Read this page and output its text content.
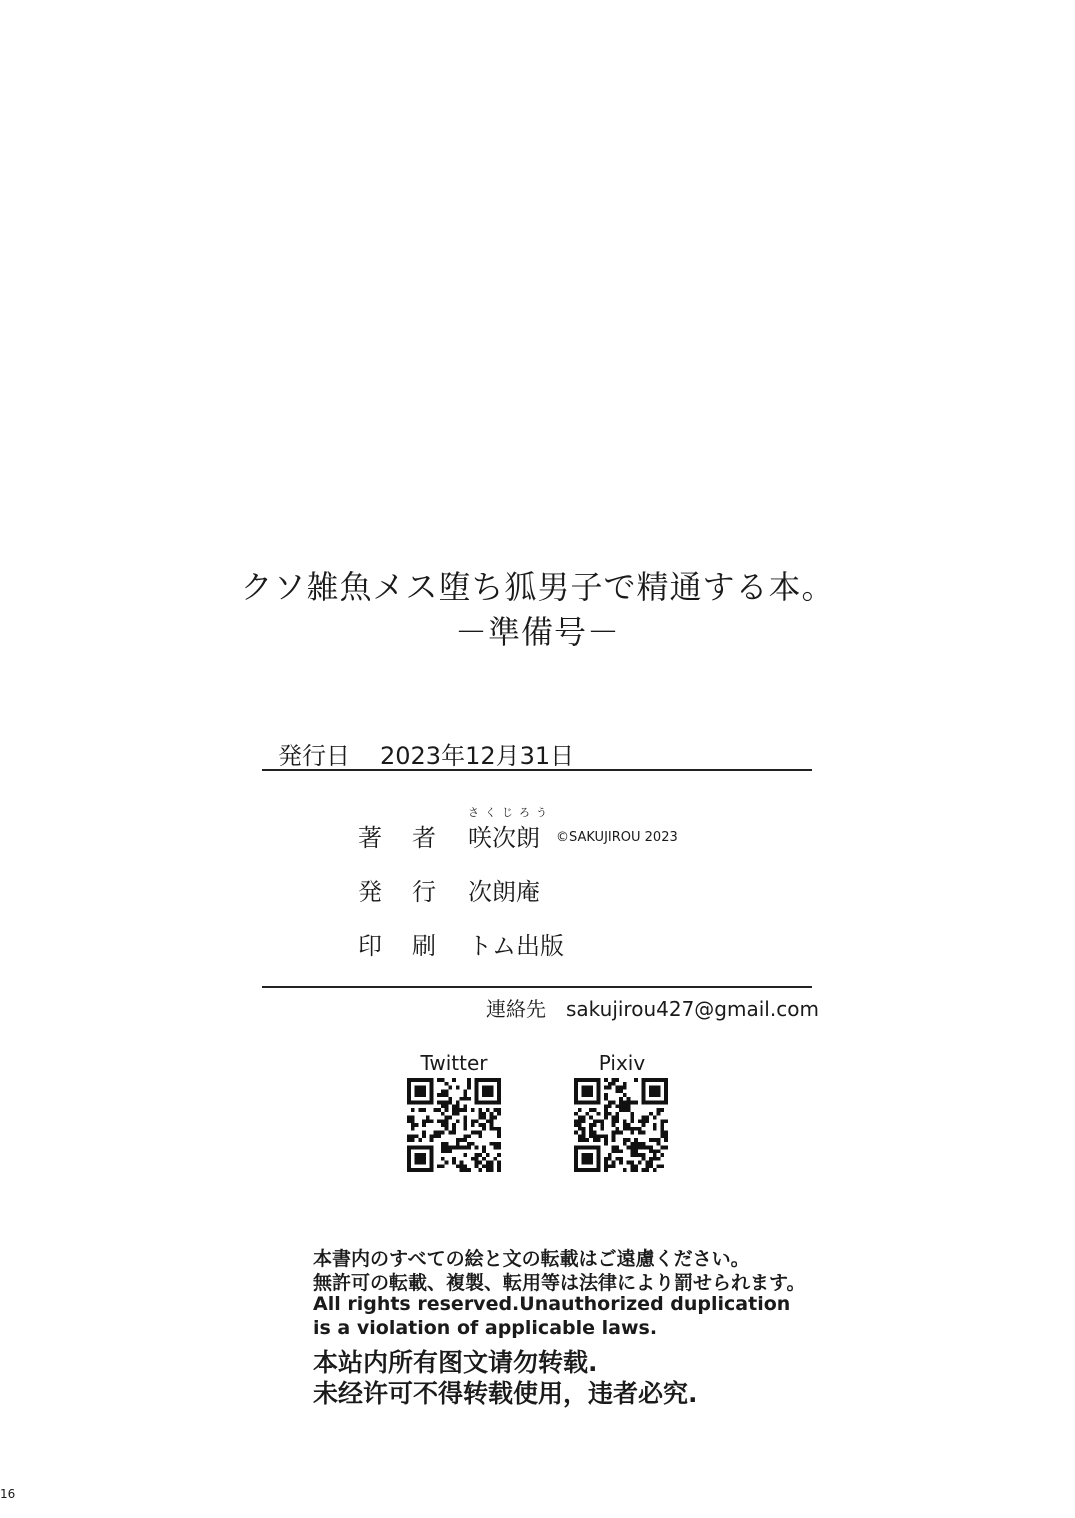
クソ雑魚メス堕ち狐男子で精通する本。
－準備号－
発行日 2023年12月31日
さくじろう
著 者	咲次朗 ©SAKUJIROU 2023
発 行	次朗庵
印 刷	トム出版
連絡先 sakujirou427@gmail.com
Twitter	Pixiv
本書内のすべての絵と文の転載はご遠慮ください。
無許可の転載、複製、転用等は法律により罰せられます。
All rights reserved.Unauthorized duplication
is a violation of applicable laws.
本站内所有图文请勿转载.
未经许可不得转载使用，违者必究.
16
